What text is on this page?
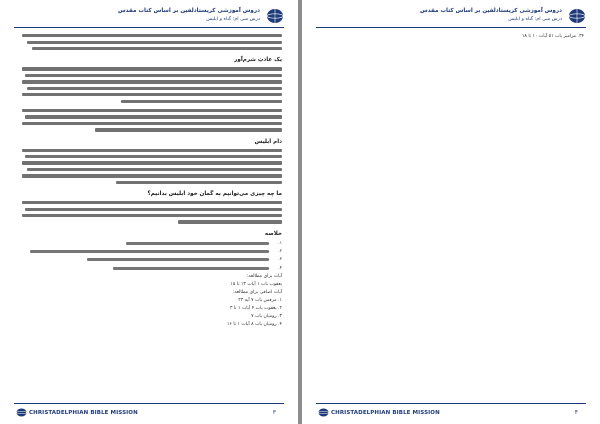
دروس آموزشی کریستادلفین بر اساس کتاب مقدس
درس سی ام: گناه و ابلیس
یک عادتِ شرم‌آور
دام ابلیس
ما چه‌ چیزی می‌توانیم به گمان خود ابلیس بدانیم؟
خلاصه
۱.
۲.
۳.
۴.
آیات برای مطالعه:
یعقوب باب ۱ آیات ۱۳ تا ۱۵
آیات اضافی برای مطالعه:
۱. مرقس باب ۷ آیه ۲۳
۲. یعقوب باب ۴ آیات ۱ تا ۳
۳. رومیان باب ۷
۴. رومیان باب ۸ آیات ۱ تا ۱۶
CHRISTADELPHIAN BIBLE MISSION	۳
دروس آموزشی کریستادلفین بر اساس کتاب مقدس
درس سی ام: گناه و ابلیس
۳۴. مزامیر باب ۵۱ آیات ۱۰ تا ۱۸
CHRISTADELPHIAN BIBLE MISSION	۴
